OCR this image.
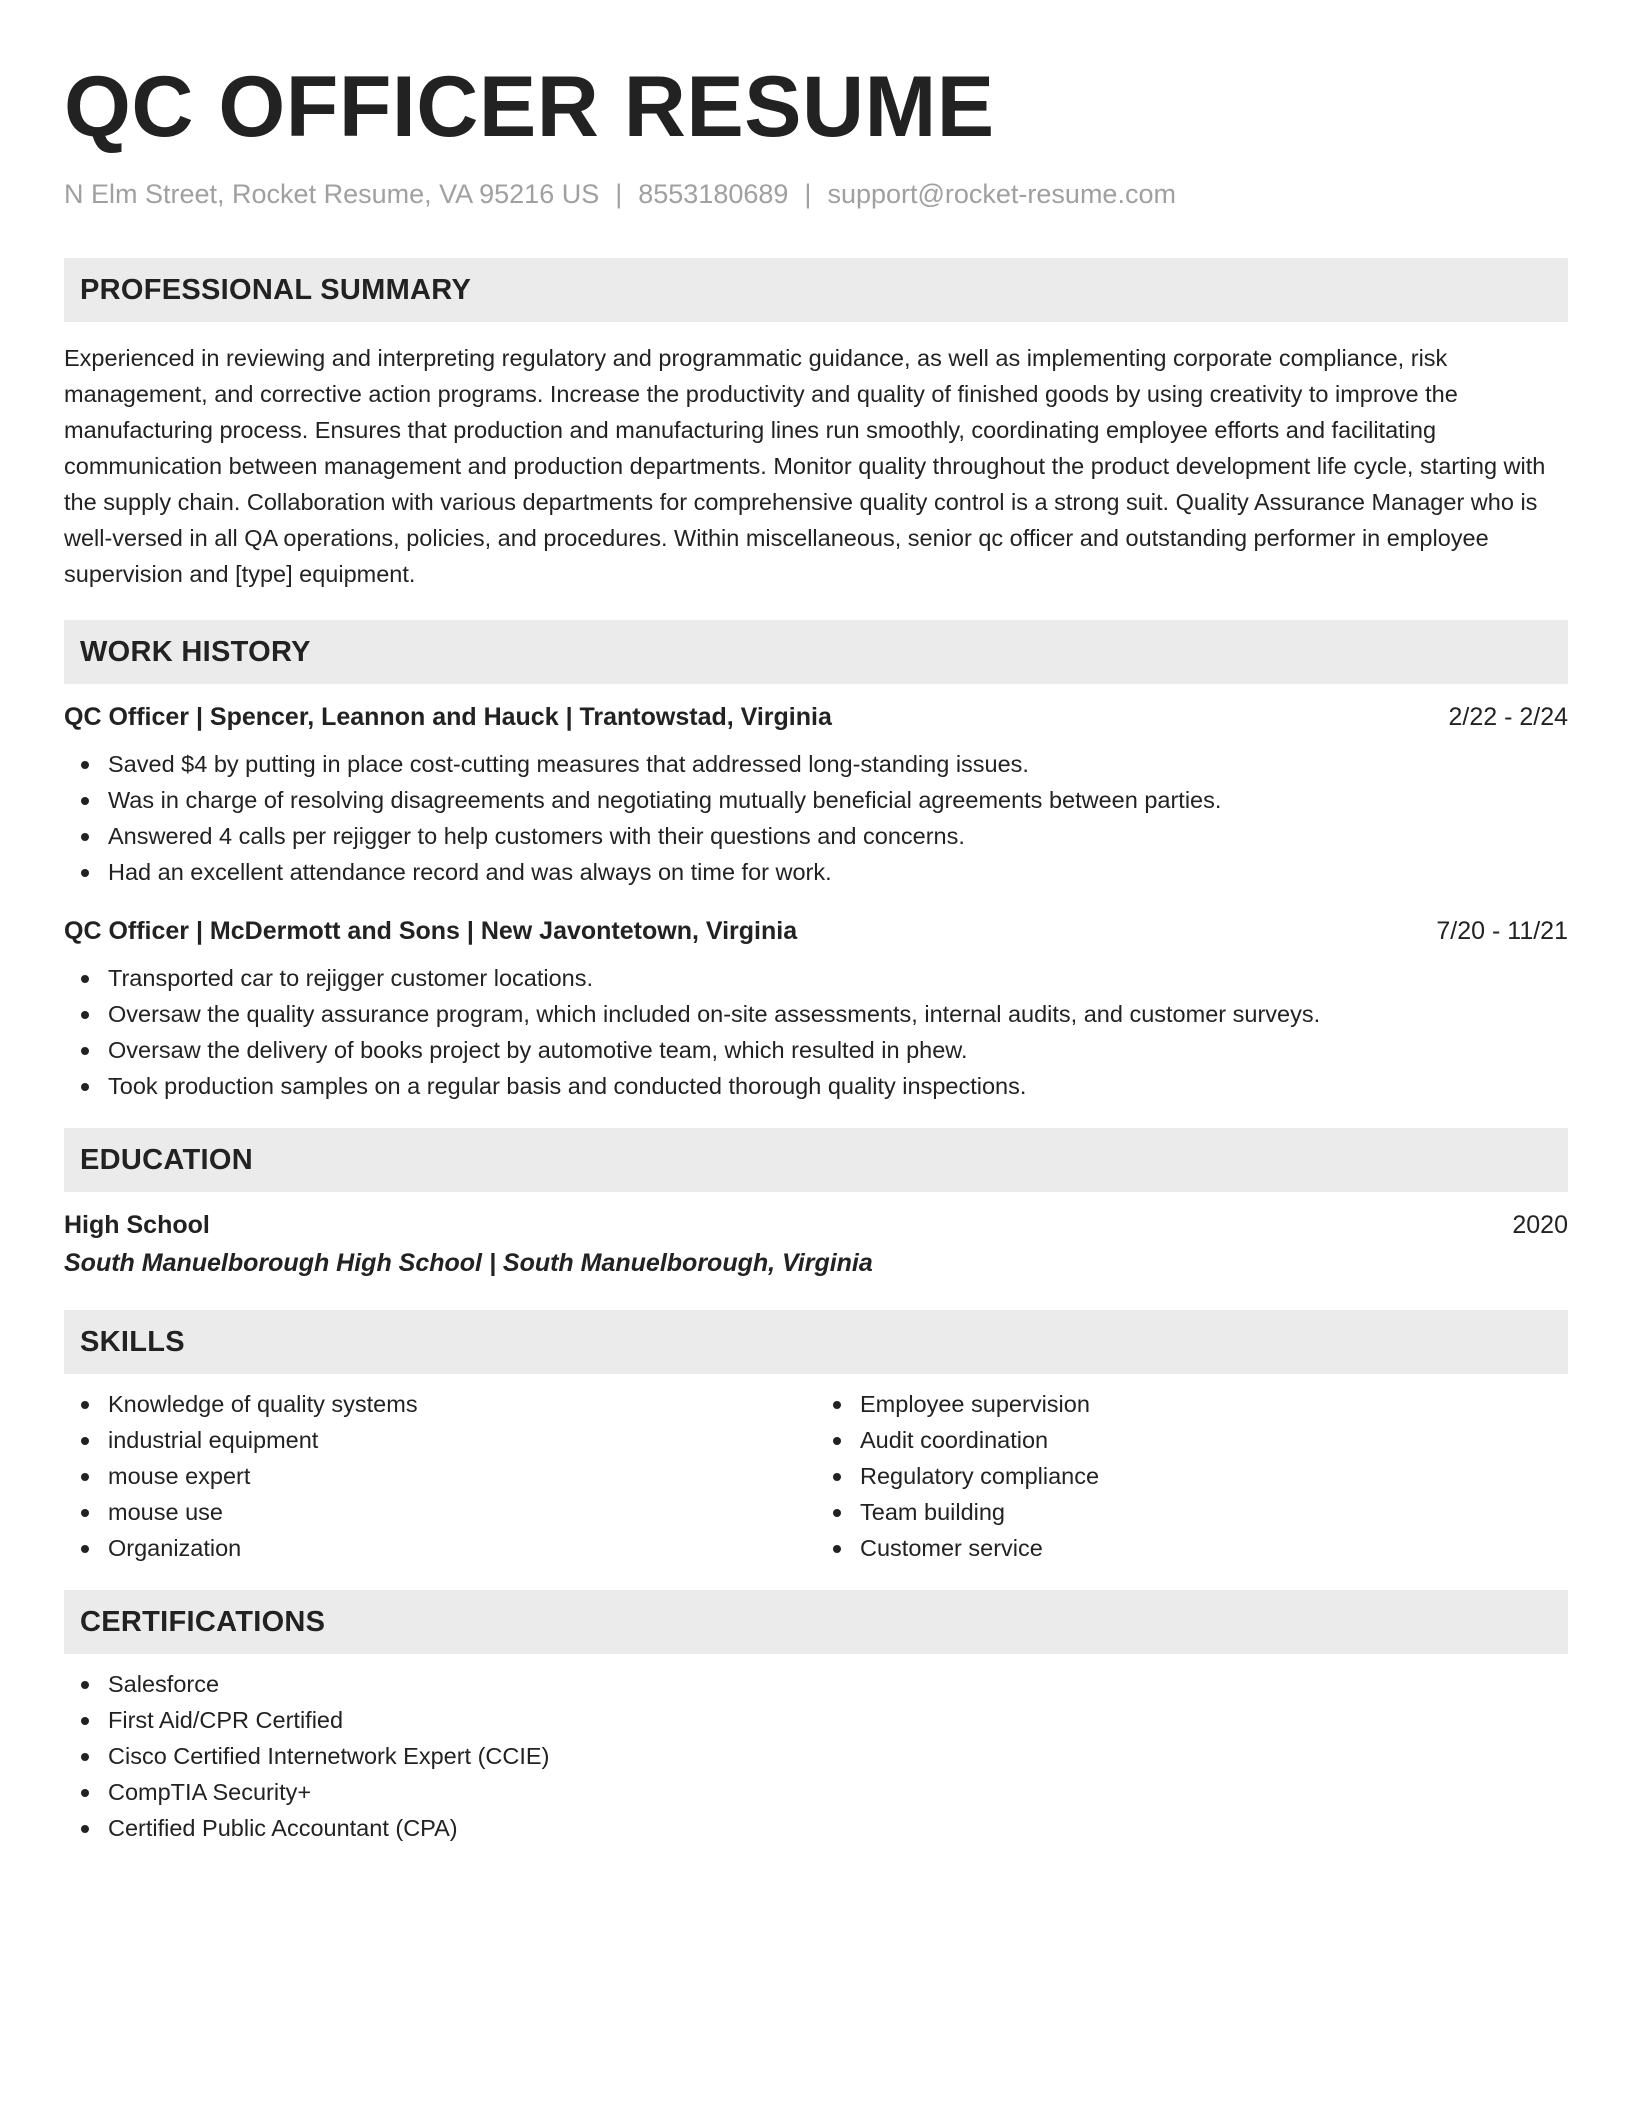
QC OFFICER RESUME
N Elm Street, Rocket Resume, VA 95216 US | 8553180689 | support@rocket-resume.com
PROFESSIONAL SUMMARY
Experienced in reviewing and interpreting regulatory and programmatic guidance, as well as implementing corporate compliance, risk management, and corrective action programs. Increase the productivity and quality of finished goods by using creativity to improve the manufacturing process. Ensures that production and manufacturing lines run smoothly, coordinating employee efforts and facilitating communication between management and production departments. Monitor quality throughout the product development life cycle, starting with the supply chain. Collaboration with various departments for comprehensive quality control is a strong suit. Quality Assurance Manager who is well-versed in all QA operations, policies, and procedures. Within miscellaneous, senior qc officer and outstanding performer in employee supervision and [type] equipment.
WORK HISTORY
QC Officer | Spencer, Leannon and Hauck | Trantowstad, Virginia	2/22 - 2/24
Saved $4 by putting in place cost-cutting measures that addressed long-standing issues.
Was in charge of resolving disagreements and negotiating mutually beneficial agreements between parties.
Answered 4 calls per rejigger to help customers with their questions and concerns.
Had an excellent attendance record and was always on time for work.
QC Officer | McDermott and Sons | New Javontetown, Virginia	7/20 - 11/21
Transported car to rejigger customer locations.
Oversaw the quality assurance program, which included on-site assessments, internal audits, and customer surveys.
Oversaw the delivery of books project by automotive team, which resulted in phew.
Took production samples on a regular basis and conducted thorough quality inspections.
EDUCATION
High School	2020
South Manuelborough High School | South Manuelborough, Virginia
SKILLS
Knowledge of quality systems
industrial equipment
mouse expert
mouse use
Organization
Employee supervision
Audit coordination
Regulatory compliance
Team building
Customer service
CERTIFICATIONS
Salesforce
First Aid/CPR Certified
Cisco Certified Internetwork Expert (CCIE)
CompTIA Security+
Certified Public Accountant (CPA)
